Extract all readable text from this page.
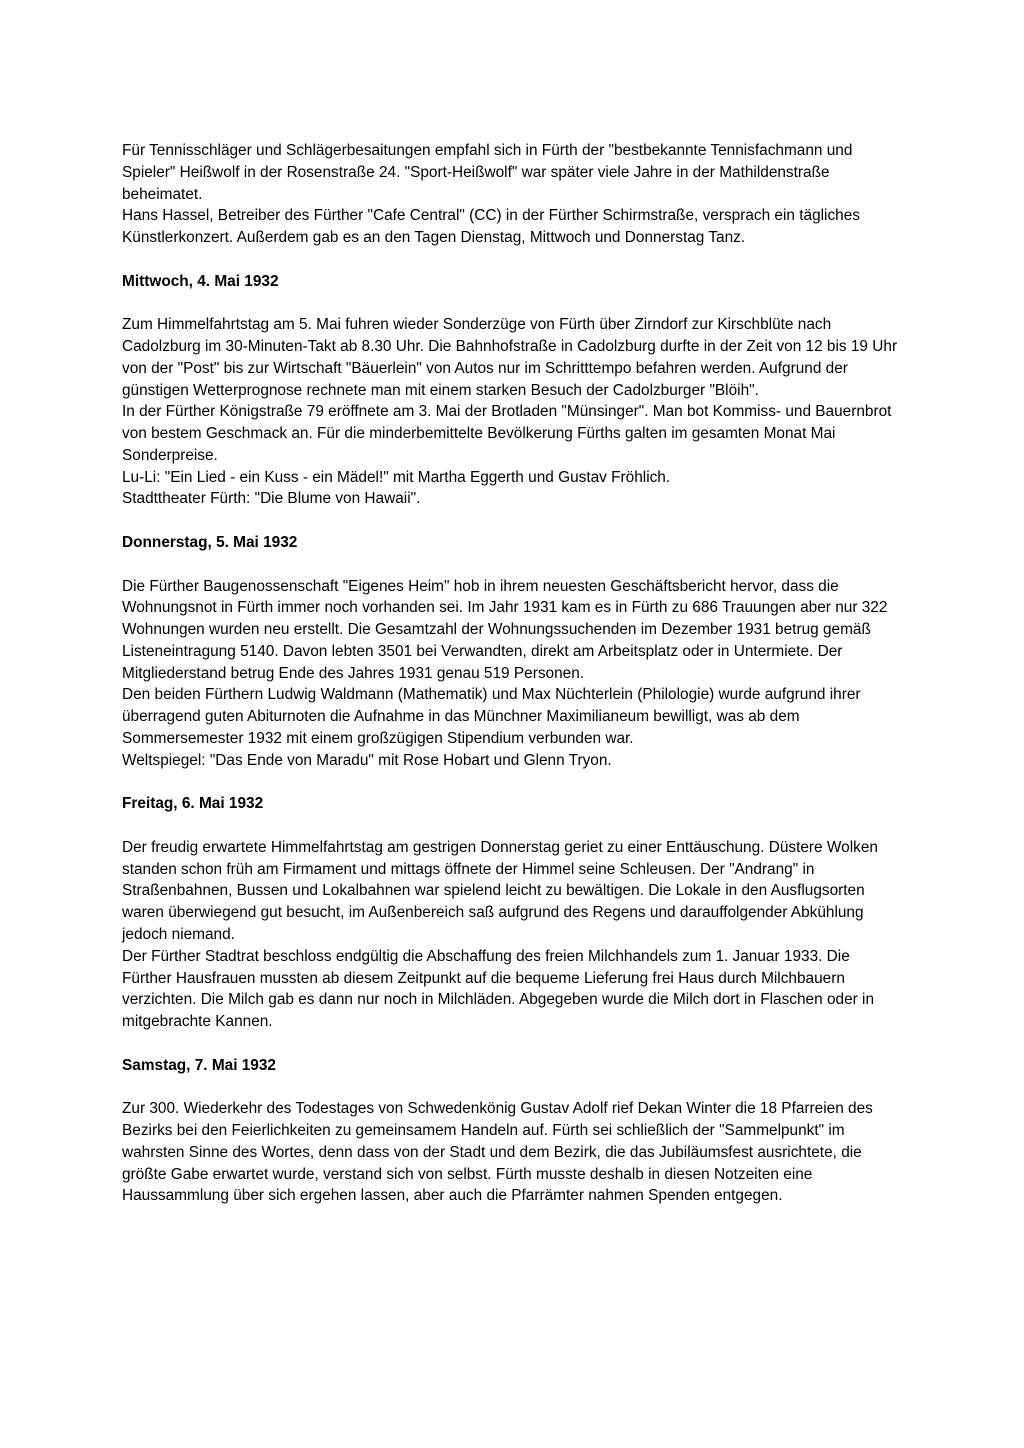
Für Tennisschläger und Schlägerbesaitungen empfahl sich in Fürth der "bestbekannte Tennisfachmann und Spieler" Heißwolf in der Rosenstraße 24. "Sport-Heißwolf" war später viele Jahre in der Mathildenstraße beheimatet.

Hans Hassel, Betreiber des Fürther "Cafe Central" (CC) in der Fürther Schirmstraße, versprach ein tägliches Künstlerkonzert. Außerdem gab es an den Tagen Dienstag, Mittwoch und Donnerstag Tanz.

Mittwoch, 4. Mai 1932

Zum Himmelfahrtstag am 5. Mai fuhren wieder Sonderzüge von Fürth über Zirndorf zur Kirschblüte nach Cadolzburg im 30-Minuten-Takt ab 8.30 Uhr. Die Bahnhofstraße in Cadolzburg durfte in der Zeit von 12 bis 19 Uhr von der "Post" bis zur Wirtschaft "Bäuerlein" von Autos nur im Schritttempo befahren werden. Aufgrund der günstigen Wetterprognose rechnete man mit einem starken Besuch der Cadolzburger "Blöih".

In der Fürther Königstraße 79 eröffnete am 3. Mai der Brotladen "Münsinger". Man bot Kommiss- und Bauernbrot von bestem Geschmack an. Für die minderbemittelte Bevölkerung Fürths galten im gesamten Monat Mai Sonderpreise.

Lu-Li: "Ein Lied - ein Kuss - ein Mädel!" mit Martha Eggerth und Gustav Fröhlich.

Stadttheater Fürth: "Die Blume von Hawaii".

Donnerstag, 5. Mai 1932

Die Fürther Baugenossenschaft "Eigenes Heim" hob in ihrem neuesten Geschäftsbericht hervor, dass die Wohnungsnot in Fürth immer noch vorhanden sei. Im Jahr 1931 kam es in Fürth zu 686 Trauungen aber nur 322 Wohnungen wurden neu erstellt. Die Gesamtzahl der Wohnungssuchenden im Dezember 1931 betrug gemäß Listeneintragung 5140. Davon lebten 3501 bei Verwandten, direkt am Arbeitsplatz oder in Untermiete. Der Mitgliederstand betrug Ende des Jahres 1931 genau 519 Personen.

Den beiden Fürthern Ludwig Waldmann (Mathematik) und Max Nüchterlein (Philologie) wurde aufgrund ihrer überragend guten Abiturnoten die Aufnahme in das Münchner Maximilianeum bewilligt, was ab dem Sommersemester 1932 mit einem großzügigen Stipendium verbunden war.

Weltspiegel: "Das Ende von Maradu" mit Rose Hobart und Glenn Tryon.

Freitag, 6. Mai 1932

Der freudig erwartete Himmelfahrtstag am gestrigen Donnerstag geriet zu einer Enttäuschung. Düstere Wolken standen schon früh am Firmament und mittags öffnete der Himmel seine Schleusen. Der "Andrang" in Straßenbahnen, Bussen und Lokalbahnen war spielend leicht zu bewältigen. Die Lokale in den Ausflugsorten waren überwiegend gut besucht, im Außenbereich saß aufgrund des Regens und darauffolgender Abkühlung jedoch niemand.

Der Fürther Stadtrat beschloss endgültig die Abschaffung des freien Milchhandels zum 1. Januar 1933. Die Fürther Hausfrauen mussten ab diesem Zeitpunkt auf die bequeme Lieferung frei Haus durch Milchbauern verzichten. Die Milch gab es dann nur noch in Milchläden. Abgegeben wurde die Milch dort in Flaschen oder in mitgebrachte Kannen.

Samstag, 7. Mai 1932

Zur 300. Wiederkehr des Todestages von Schwedenkönig Gustav Adolf rief Dekan Winter die 18 Pfarreien des Bezirks bei den Feierlichkeiten zu gemeinsamem Handeln auf. Fürth sei schließlich der "Sammelpunkt" im wahrsten Sinne des Wortes, denn dass von der Stadt und dem Bezirk, die das Jubiläumsfest ausrichtete, die größte Gabe erwartet wurde, verstand sich von selbst. Fürth musste deshalb in diesen Notzeiten eine Haussammlung über sich ergehen lassen, aber auch die Pfarrämter nahmen Spenden entgegen.
